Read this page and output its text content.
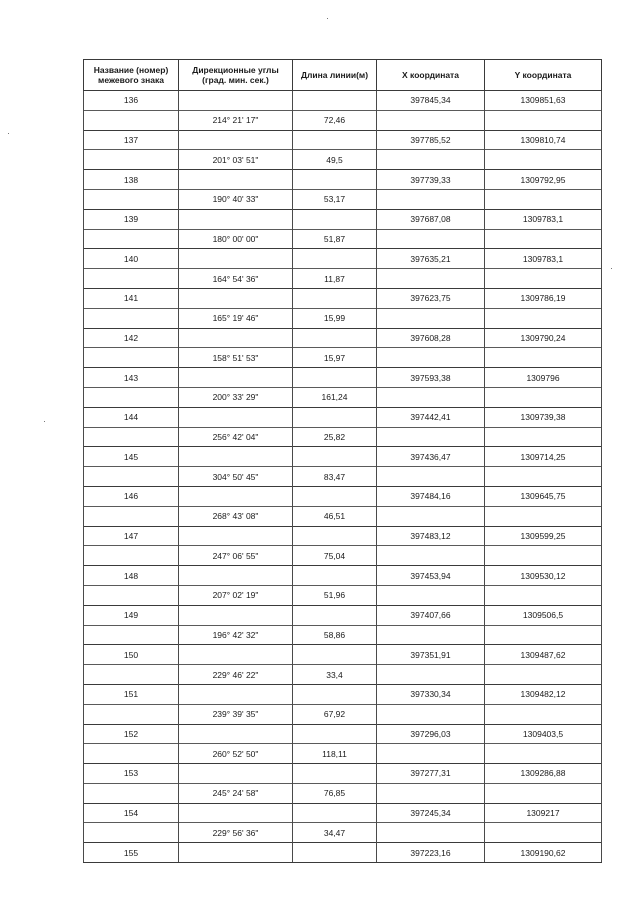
Название (номер)
межевого знака	Дирекционные углы
(град. мин. сек.)	Длина линии(м)	X координата	Y координата
136			397845,34	1309851,63
	214° 21' 17"	72,46		
137			397785,52	1309810,74
	201° 03' 51"	49,5		
138			397739,33	1309792,95
	190° 40' 33"	53,17		
139			397687,08	1309783,1
	180° 00' 00"	51,87		
140			397635,21	1309783,1
	164° 54' 36"	11,87		
141			397623,75	1309786,19
	165° 19' 46"	15,99		
142			397608,28	1309790,24
	158° 51' 53"	15,97		
143			397593,38	1309796
	200° 33' 29"	161,24		
144			397442,41	1309739,38
	256° 42' 04"	25,82		
145			397436,47	1309714,25
	304° 50' 45"	83,47		
146			397484,16	1309645,75
	268° 43' 08"	46,51		
147			397483,12	1309599,25
	247° 06' 55"	75,04		
148			397453,94	1309530,12
	207° 02' 19"	51,96		
149			397407,66	1309506,5
	196° 42' 32"	58,86		
150			397351,91	1309487,62
	229° 46' 22"	33,4		
151			397330,34	1309482,12
	239° 39' 35"	67,92		
152			397296,03	1309403,5
	260° 52' 50"	118,11		
153			397277,31	1309286,88
	245° 24' 58"	76,85		
154			397245,34	1309217
	229° 56' 36"	34,47		
155			397223,16	1309190,62
